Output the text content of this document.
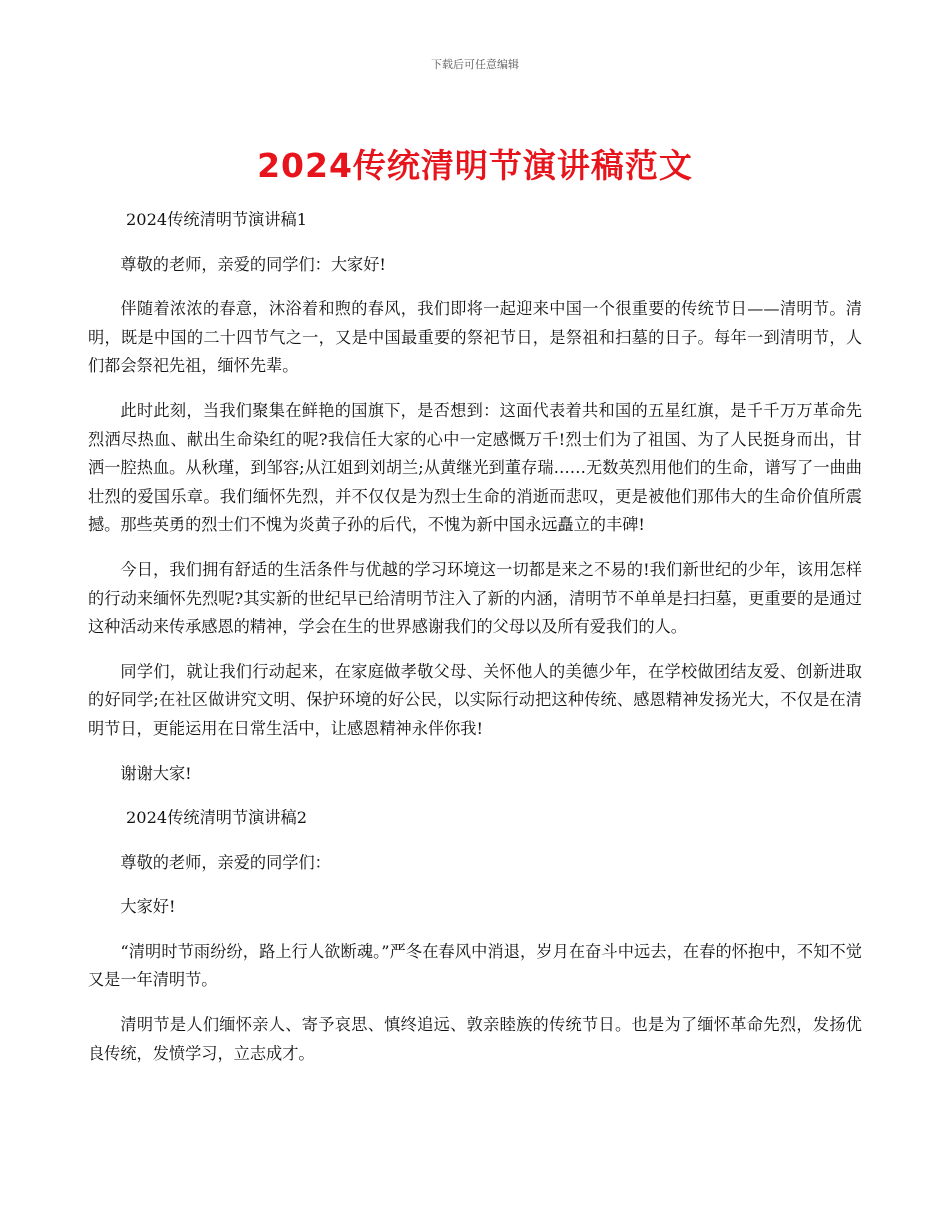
下载后可任意编辑
2024传统清明节演讲稿范文

2024传统清明节演讲稿1

尊敬的老师，亲爱的同学们：大家好!

伴随着浓浓的春意，沐浴着和煦的春风，我们即将一起迎来中国一个很重要的传统节日——清明节。清明，既是中国的二十四节气之一，又是中国最重要的祭祀节日，是祭祖和扫墓的日子。每年一到清明节，人们都会祭祀先祖，缅怀先辈。

此时此刻，当我们聚集在鲜艳的国旗下，是否想到：这面代表着共和国的五星红旗，是千千万万革命先烈洒尽热血、献出生命染红的呢?我信任大家的心中一定感慨万千!烈士们为了祖国、为了人民挺身而出，甘洒一腔热血。从秋瑾，到邹容;从江姐到刘胡兰;从黄继光到董存瑞……无数英烈用他们的生命，谱写了一曲曲壮烈的爱国乐章。我们缅怀先烈，并不仅仅是为烈士生命的消逝而悲叹，更是被他们那伟大的生命价值所震撼。那些英勇的烈士们不愧为炎黄子孙的后代，不愧为新中国永远矗立的丰碑!

今日，我们拥有舒适的生活条件与优越的学习环境这一切都是来之不易的!我们新世纪的少年，该用怎样的行动来缅怀先烈呢?其实新的世纪早已给清明节注入了新的内涵，清明节不单单是扫扫墓，更重要的是通过这种活动来传承感恩的精神，学会在生的世界感谢我们的父母以及所有爱我们的人。

同学们，就让我们行动起来，在家庭做孝敬父母、关怀他人的美德少年，在学校做团结友爱、创新进取的好同学;在社区做讲究文明、保护环境的好公民，以实际行动把这种传统、感恩精神发扬光大，不仅是在清明节日，更能运用在日常生活中，让感恩精神永伴你我!

谢谢大家!

2024传统清明节演讲稿2

尊敬的老师，亲爱的同学们：

大家好!

“清明时节雨纷纷，路上行人欲断魂。”严冬在春风中消退，岁月在奋斗中远去，在春的怀抱中，不知不觉又是一年清明节。

清明节是人们缅怀亲人、寄予哀思、慎终追远、敦亲睦族的传统节日。也是为了缅怀革命先烈，发扬优良传统，发愤学习，立志成才。
